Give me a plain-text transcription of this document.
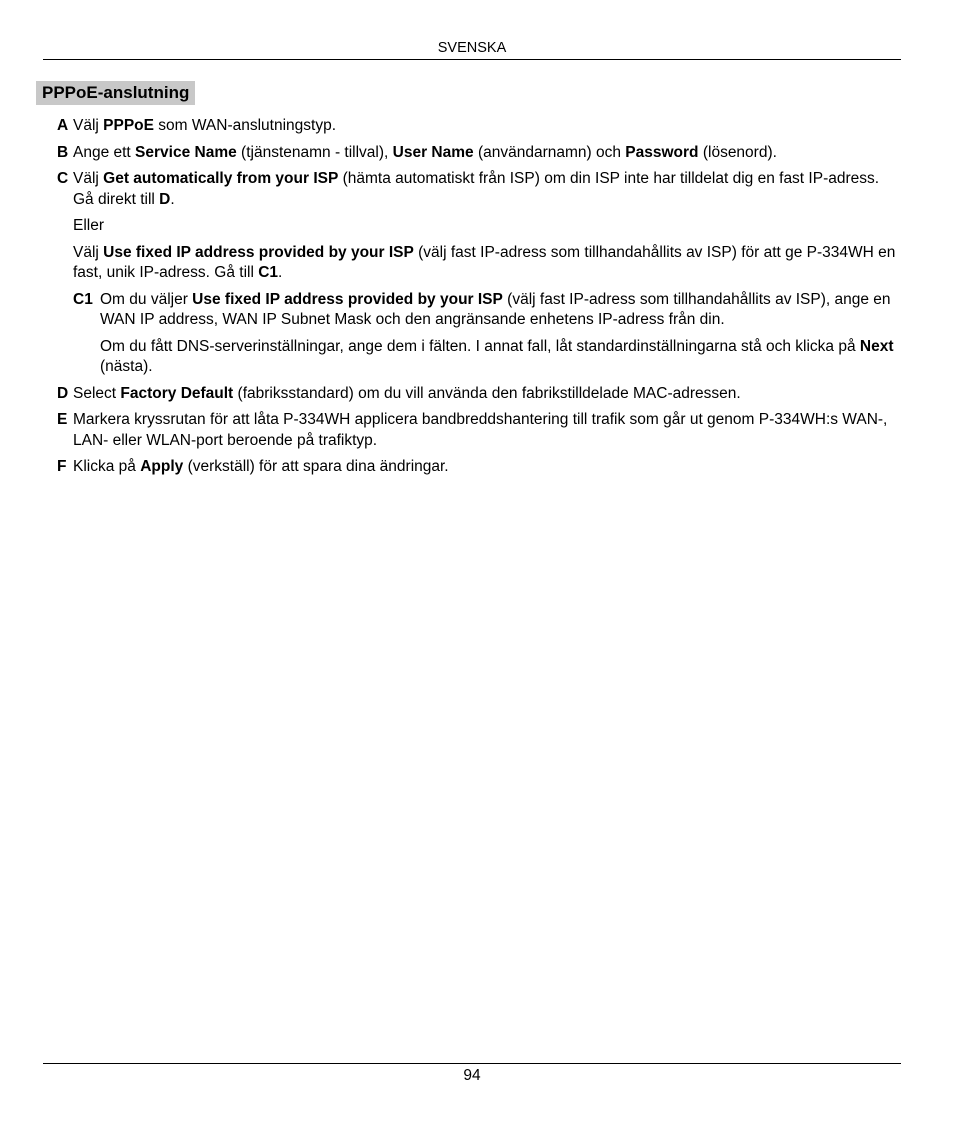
SVENSKA
PPPoE-anslutning
A Välj PPPoE som WAN-anslutningstyp.
B Ange ett Service Name (tjänstenamn - tillval), User Name (användarnamn) och Password (lösenord).
C Välj Get automatically from your ISP (hämta automatiskt från ISP) om din ISP inte har tilldelat dig en fast IP-adress. Gå direkt till D.
Eller
Välj Use fixed IP address provided by your ISP (välj fast IP-adress som tillhandahållits av ISP) för att ge P-334WH en fast, unik IP-adress. Gå till C1.
C1 Om du väljer Use fixed IP address provided by your ISP (välj fast IP-adress som tillhandahållits av ISP), ange en WAN IP address, WAN IP Subnet Mask och den angränsande enhetens IP-adress från din.
Om du fått DNS-serverinställningar, ange dem i fälten. I annat fall, låt standardinställningarna stå och klicka på Next (nästa).
D Select Factory Default (fabriksstandard) om du vill använda den fabrikstilldelade MAC-adressen.
E Markera kryssrutan för att låta P-334WH applicera bandbreddshantering till trafik som går ut genom P-334WH:s WAN-, LAN- eller WLAN-port beroende på trafiktyp.
F Klicka på Apply (verkställ) för att spara dina ändringar.
94
